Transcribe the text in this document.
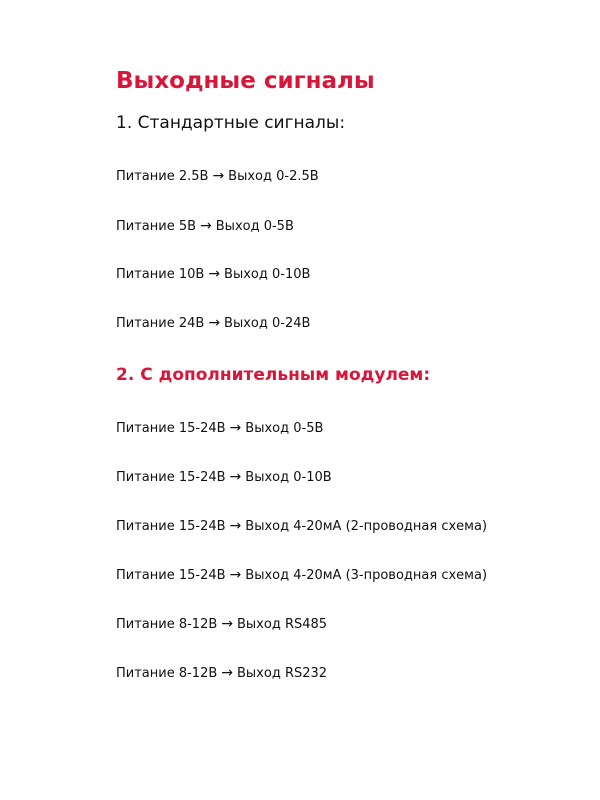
Выходные сигналы
1. Стандартные сигналы:

Питание 2.5В → Выход 0-2.5В

Питание 5В → Выход 0-5В

Питание 10В → Выход 0-10В

Питание 24В → Выход 0-24В

2. С дополнительным модулем:

Питание 15-24В → Выход 0-5В

Питание 15-24В → Выход 0-10В

Питание 15-24В → Выход 4-20мА (2-проводная схема)

Питание 15-24В → Выход 4-20мА (3-проводная схема)

Питание 8-12В → Выход RS485

Питание 8-12В → Выход RS232
